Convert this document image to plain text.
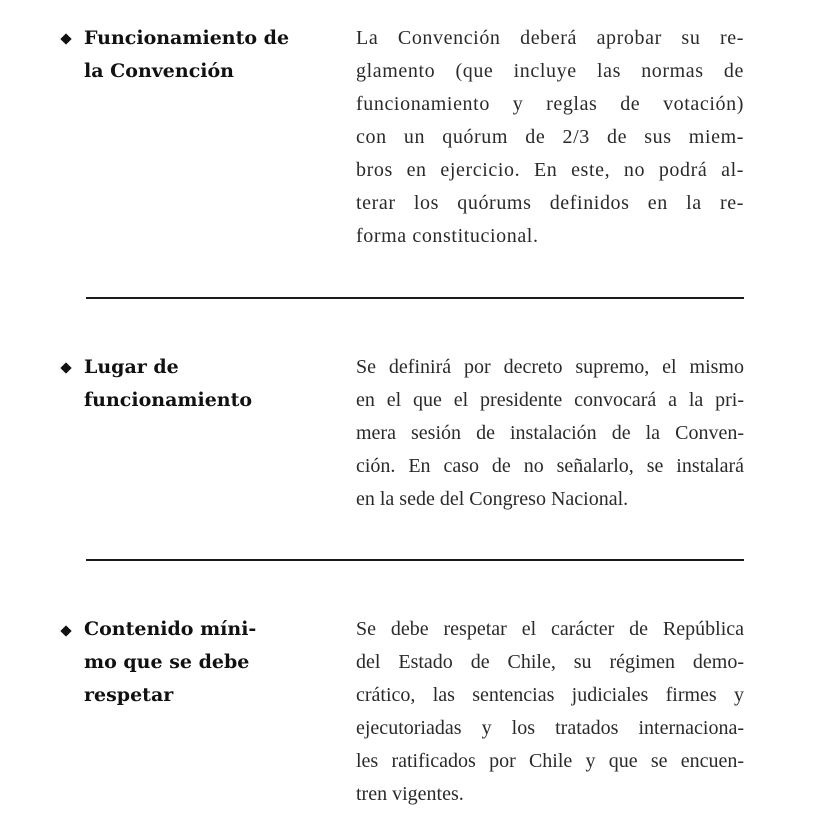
Funcionamiento de
la Convención

La Convención deberá aprobar su re-
glamento (que incluye las normas de
funcionamiento y reglas de votación)
con un quórum de 2/3 de sus miem-
bros en ejercicio. En este, no podrá al-
terar los quórums definidos en la re-
forma constitucional.

Lugar de
funcionamiento

Se definirá por decreto supremo, el mismo
en el que el presidente convocará a la pri-
mera sesión de instalación de la Conven-
ción. En caso de no señalarlo, se instalará
en la sede del Congreso Nacional.

Contenido míni-
mo que se debe
respetar

Se debe respetar el carácter de República
del Estado de Chile, su régimen demo-
crático, las sentencias judiciales firmes y
ejecutoriadas y los tratados internaciona-
les ratificados por Chile y que se encuen-
tren vigentes.
